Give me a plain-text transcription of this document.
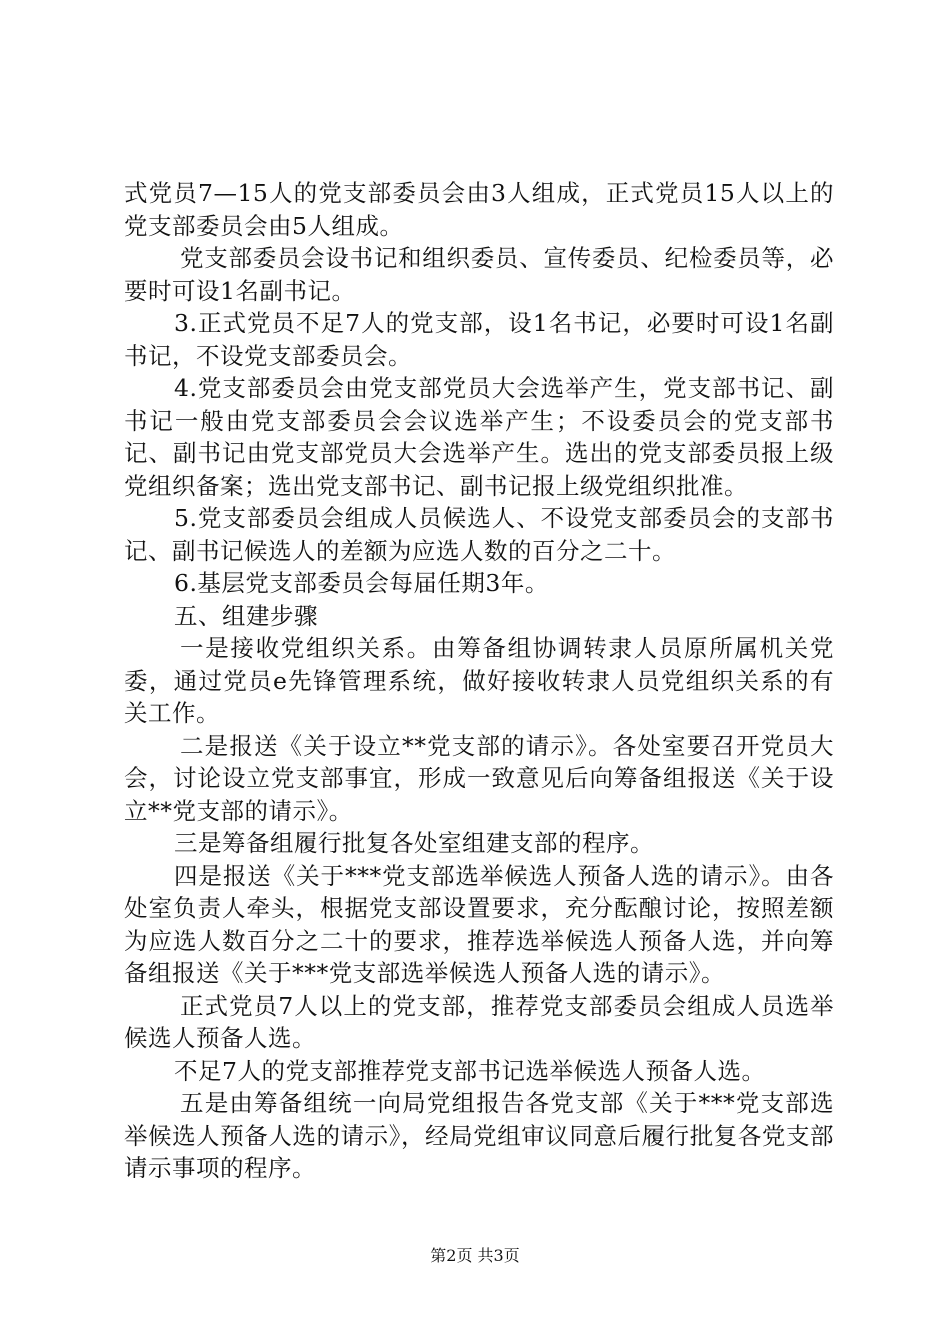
式党员7—15人的党支部委员会由3人组成，正式党员15人以上的党支部委员会由5人组成。

党支部委员会设书记和组织委员、宣传委员、纪检委员等，必要时可设1名副书记。

3.正式党员不足7人的党支部，设1名书记，必要时可设1名副书记，不设党支部委员会。

4.党支部委员会由党支部党员大会选举产生，党支部书记、副书记一般由党支部委员会会议选举产生；不设委员会的党支部书记、副书记由党支部党员大会选举产生。选出的党支部委员报上级党组织备案；选出党支部书记、副书记报上级党组织批准。

5.党支部委员会组成人员候选人、不设党支部委员会的支部书记、副书记候选人的差额为应选人数的百分之二十。

6.基层党支部委员会每届任期3年。

五、组建步骤

一是接收党组织关系。由筹备组协调转隶人员原所属机关党委，通过党员e先锋管理系统，做好接收转隶人员党组织关系的有关工作。

二是报送《关于设立**党支部的请示》。各处室要召开党员大会，讨论设立党支部事宜，形成一致意见后向筹备组报送《关于设立**党支部的请示》。

三是筹备组履行批复各处室组建支部的程序。

四是报送《关于***党支部选举候选人预备人选的请示》。由各处室负责人牵头，根据党支部设置要求，充分酝酿讨论，按照差额为应选人数百分之二十的要求，推荐选举候选人预备人选，并向筹备组报送《关于***党支部选举候选人预备人选的请示》。

正式党员7人以上的党支部，推荐党支部委员会组成人员选举候选人预备人选。

不足7人的党支部推荐党支部书记选举候选人预备人选。

五是由筹备组统一向局党组报告各党支部《关于***党支部选举候选人预备人选的请示》，经局党组审议同意后履行批复各党支部请示事项的程序。

第2页 共3页
